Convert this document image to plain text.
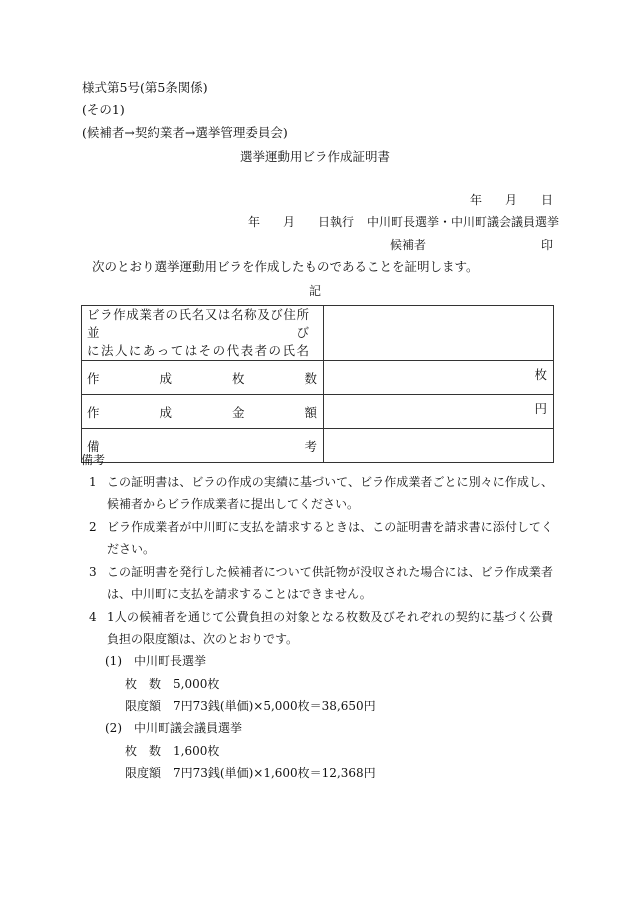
様式第5号(第5条関係)
(その1)
(候補者→契約業者→選挙管理委員会)
選挙運動用ビラ作成証明書
年 月 日
年 月 日執行 中川町長選挙・中川町議会議員選挙
候補者	印
次のとおり選挙運動用ビラを作成したものであることを証明します。
記
ビラ作成業者の氏名又は名称及び住所並び
に法人にあってはその代表者の氏名	

作 成 枚 数	枚

作 成 金 額	円

備 考	

備考
1 この証明書は、ビラの作成の実績に基づいて、ビラ作成業者ごとに別々に作成し、候補者からビラ作成業者に提出してください。
2 ビラ作成業者が中川町に支払を請求するときは、この証明書を請求書に添付してください。
3 この証明書を発行した候補者について供託物が没収された場合には、ビラ作成業者は、中川町に支払を請求することはできません。
4 1人の候補者を通じて公費負担の対象となる枚数及びそれぞれの契約に基づく公費負担の限度額は、次のとおりです。
(1)　中川町長選挙
枚　数　5,000枚
限度額　7円73銭(単価)×5,000枚＝38,650円
(2)　中川町議会議員選挙
枚　数　1,600枚
限度額　7円73銭(単価)×1,600枚＝12,368円
